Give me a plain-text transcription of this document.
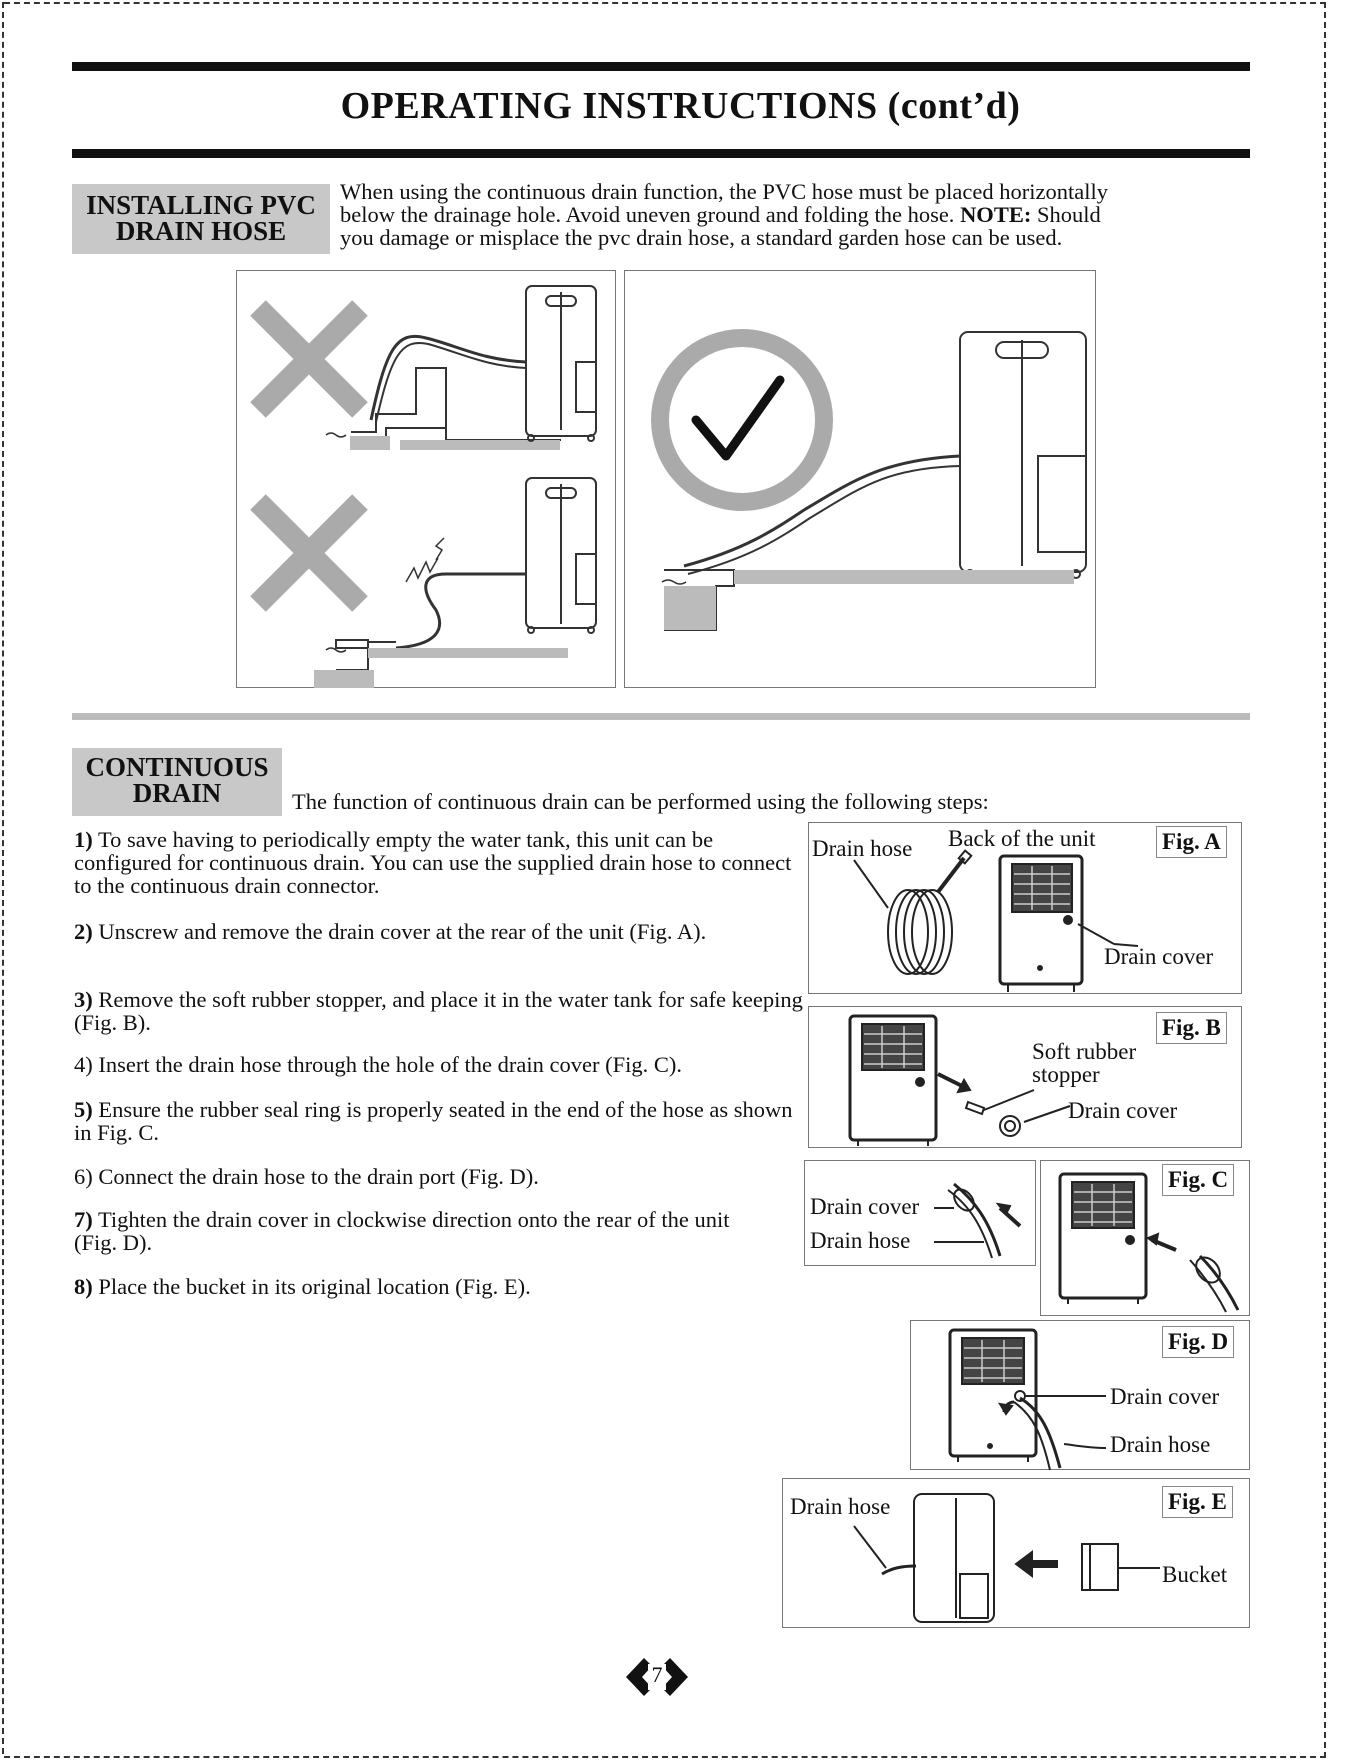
OPERATING INSTRUCTIONS (cont’d)
INSTALLING PVC
DRAIN HOSE
When using the continuous drain function, the PVC hose must be placed horizontally
below the drainage hole. Avoid uneven ground and folding the hose. NOTE: Should
you damage or misplace the pvc drain hose, a standard garden hose can be used.
CONTINUOUS
DRAIN	The function of continuous drain can be performed using the following steps:
1) To save having to periodically empty the water tank, this unit can be configured for continuous drain. You can use the supplied drain hose to connect to the continuous drain connector.
2) Unscrew and remove the drain cover at the rear of the unit (Fig. A).
3) Remove the soft rubber stopper, and place it in the water tank for safe keeping (Fig. B).
4) Insert the drain hose through the hole of the drain cover (Fig. C).
5) Ensure the rubber seal ring is properly seated in the end of the hose as shown in Fig. C.
6) Connect the drain hose to the drain port (Fig. D).
7) Tighten the drain cover in clockwise direction onto the rear of the unit (Fig. D).
8) Place the bucket in its original location (Fig. E).
Drain hose Back of the unit	Fig. A
Drain cover
Fig. B
Soft rubber
stopper
Drain cover
Drain cover
Drain hose
Fig. C
Fig. D
Drain cover
Drain hose
Fig. E
Drain hose
Bucket
7
